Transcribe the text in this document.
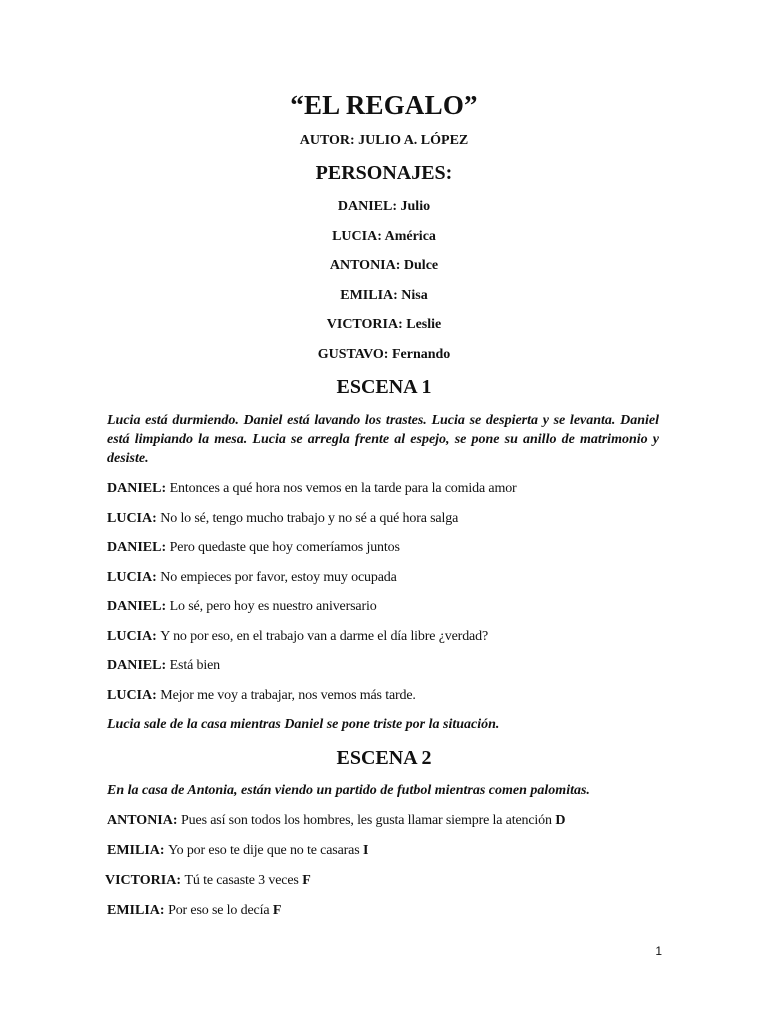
“EL REGALO”
AUTOR: JULIO A. LÓPEZ
PERSONAJES:
DANIEL: Julio
LUCIA: América
ANTONIA: Dulce
EMILIA: Nisa
VICTORIA: Leslie
GUSTAVO: Fernando
ESCENA 1
Lucia está durmiendo. Daniel está lavando los trastes. Lucia se despierta y se levanta. Daniel está limpiando la mesa. Lucia se arregla frente al espejo, se pone su anillo de matrimonio y desiste.
DANIEL: Entonces a qué hora nos vemos en la tarde para la comida amor
LUCIA: No lo sé, tengo mucho trabajo y no sé a qué hora salga
DANIEL: Pero quedaste que hoy comeríamos juntos
LUCIA: No empieces por favor, estoy muy ocupada
DANIEL: Lo sé, pero hoy es nuestro aniversario
LUCIA: Y no por eso, en el trabajo van a darme el día libre ¿verdad?
DANIEL: Está bien
LUCIA: Mejor me voy a trabajar, nos vemos más tarde.
Lucia sale de la casa mientras Daniel se pone triste por la situación.
ESCENA 2
En la casa de Antonia, están viendo un partido de futbol mientras comen palomitas.
ANTONIA: Pues así son todos los hombres, les gusta llamar siempre la atención D
EMILIA: Yo por eso te dije que no te casaras I
VICTORIA: Tú te casaste 3 veces F
EMILIA: Por eso se lo decía F
1
